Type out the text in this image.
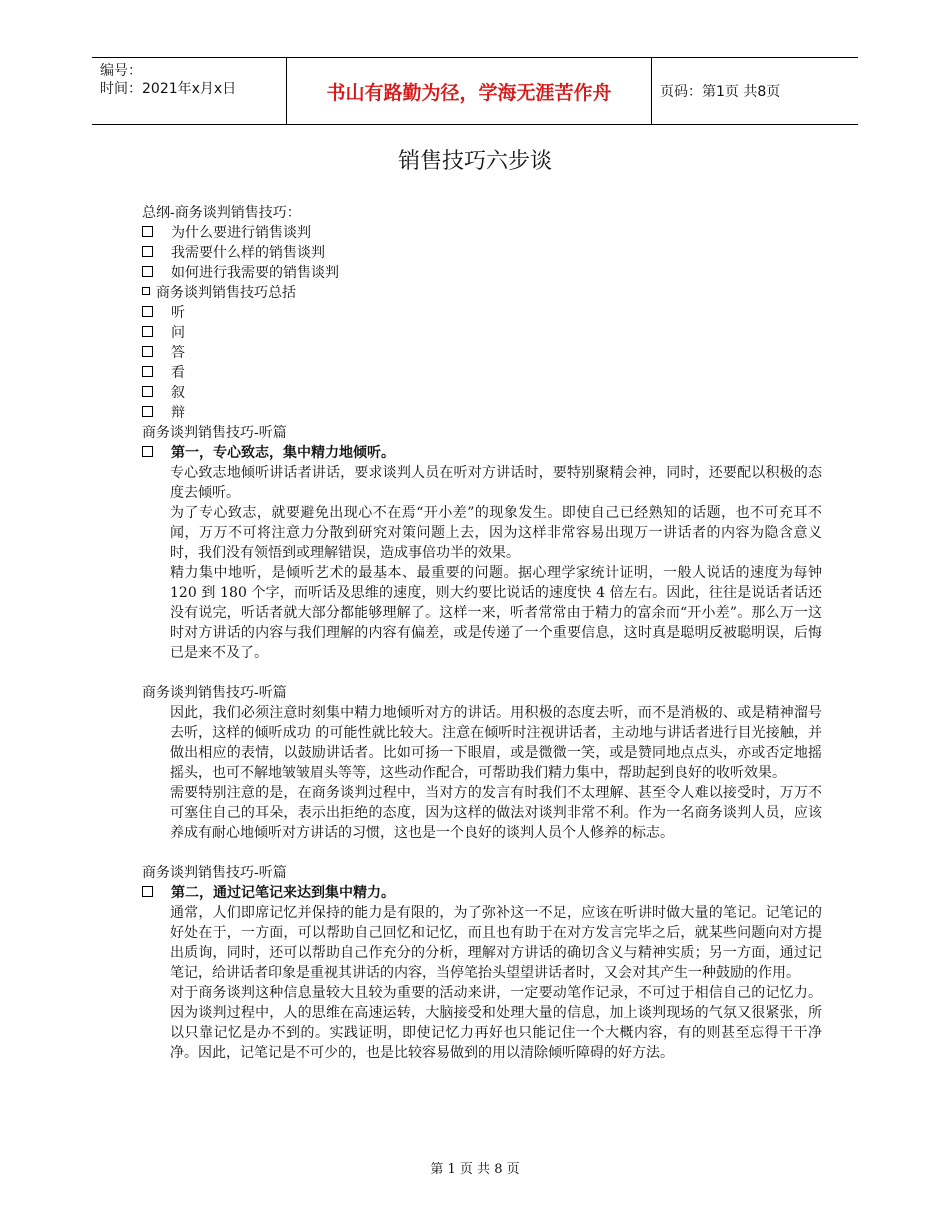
编号：
时间：2021年x月x日	书山有路勤为径，学海无涯苦作舟	页码：第1页 共8页
销售技巧六步谈
总纲-商务谈判销售技巧：
为什么要进行销售谈判
我需要什么样的销售谈判
如何进行我需要的销售谈判
商务谈判销售技巧总括
听
问
答
看
叙
辩
商务谈判销售技巧-听篇
第一，专心致志，集中精力地倾听。
专心致志地倾听讲话者讲话，要求谈判人员在听对方讲话时，要特别聚精会神，同时，还要配以积极的态度去倾听。
为了专心致志，就要避免出现心不在焉“开小差”的现象发生。即使自己已经熟知的话题，也不可充耳不闻，万万不可将注意力分散到研究对策问题上去，因为这样非常容易出现万一讲话者的内容为隐含意义时，我们没有领悟到或理解错误，造成事倍功半的效果。
精力集中地听，是倾听艺术的最基本、最重要的问题。据心理学家统计证明，一般人说话的速度为每钟 120 到 180 个字，而听话及思维的速度，则大约要比说话的速度快 4 倍左右。因此，往往是说话者话还没有说完，听话者就大部分都能够理解了。这样一来，听者常常由于精力的富余而“开小差”。那么万一这时对方讲话的内容与我们理解的内容有偏差，或是传递了一个重要信息，这时真是聪明反被聪明误，后悔已是来不及了。
商务谈判销售技巧-听篇
因此，我们必须注意时刻集中精力地倾听对方的讲话。用积极的态度去听，而不是消极的、或是精神溜号去听，这样的倾听成功 的可能性就比较大。注意在倾听时注视讲话者，主动地与讲话者进行目光接触，并做出相应的表情，以鼓励讲话者。比如可扬一下眼眉，或是微微一笑，或是赞同地点点头，亦或否定地摇摇头，也可不解地皱皱眉头等等，这些动作配合，可帮助我们精力集中，帮助起到良好的收听效果。
需要特别注意的是，在商务谈判过程中，当对方的发言有时我们不太理解、甚至令人难以接受时，万万不可塞住自己的耳朵，表示出拒绝的态度，因为这样的做法对谈判非常不利。作为一名商务谈判人员，应该养成有耐心地倾听对方讲话的习惯，这也是一个良好的谈判人员个人修养的标志。
商务谈判销售技巧-听篇
第二，通过记笔记来达到集中精力。
通常，人们即席记忆并保持的能力是有限的，为了弥补这一不足，应该在听讲时做大量的笔记。记笔记的好处在于，一方面，可以帮助自己回忆和记忆，而且也有助于在对方发言完毕之后，就某些问题向对方提出质询，同时，还可以帮助自己作充分的分析，理解对方讲话的确切含义与精神实质；另一方面，通过记笔记，给讲话者印象是重视其讲话的内容，当停笔抬头望望讲话者时，又会对其产生一种鼓励的作用。
对于商务谈判这种信息量较大且较为重要的活动来讲，一定要动笔作记录，不可过于相信自己的记忆力。因为谈判过程中，人的思维在高速运转，大脑接受和处理大量的信息，加上谈判现场的气氛又很紧张，所以只靠记忆是办不到的。实践证明，即使记忆力再好也只能记住一个大概内容，有的则甚至忘得干干净净。因此，记笔记是不可少的，也是比较容易做到的用以清除倾听障碍的好方法。
第 1 页 共 8 页
